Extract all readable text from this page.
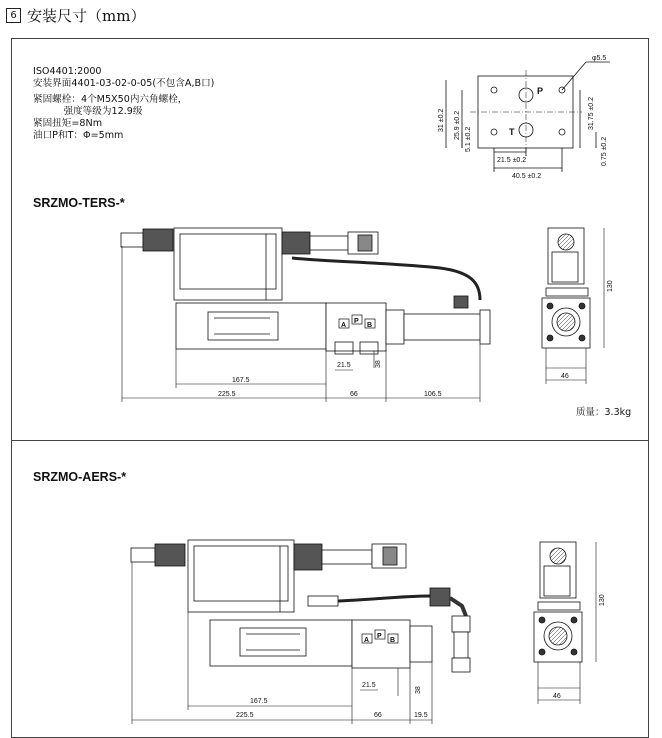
6 安装尺寸（mm）
ISO4401:2000
安装界面4401-03-02-0-05(不包含A,B口)
紧固螺栓：4个M5X50内六角螺栓，
强度等级为12.9级
紧固扭矩=8Nm
油口P和T：Φ=5mm
SRZMO-TERS-*
SRZMO-AERS-*
质量：3.3kg
P
T
φ5.5
21.5 ±0.2
40.5 ±0.2
31 ±0.2 25.9 ±0.2 5.1 ±0.2
31.75 ±0.2
0.75 ±0.2
A
P
B
167.5
225.5	66	106.5
21.5	38
130
46
A
P
B
167.5
225.5	66	19.5
21.5
38
130
46
